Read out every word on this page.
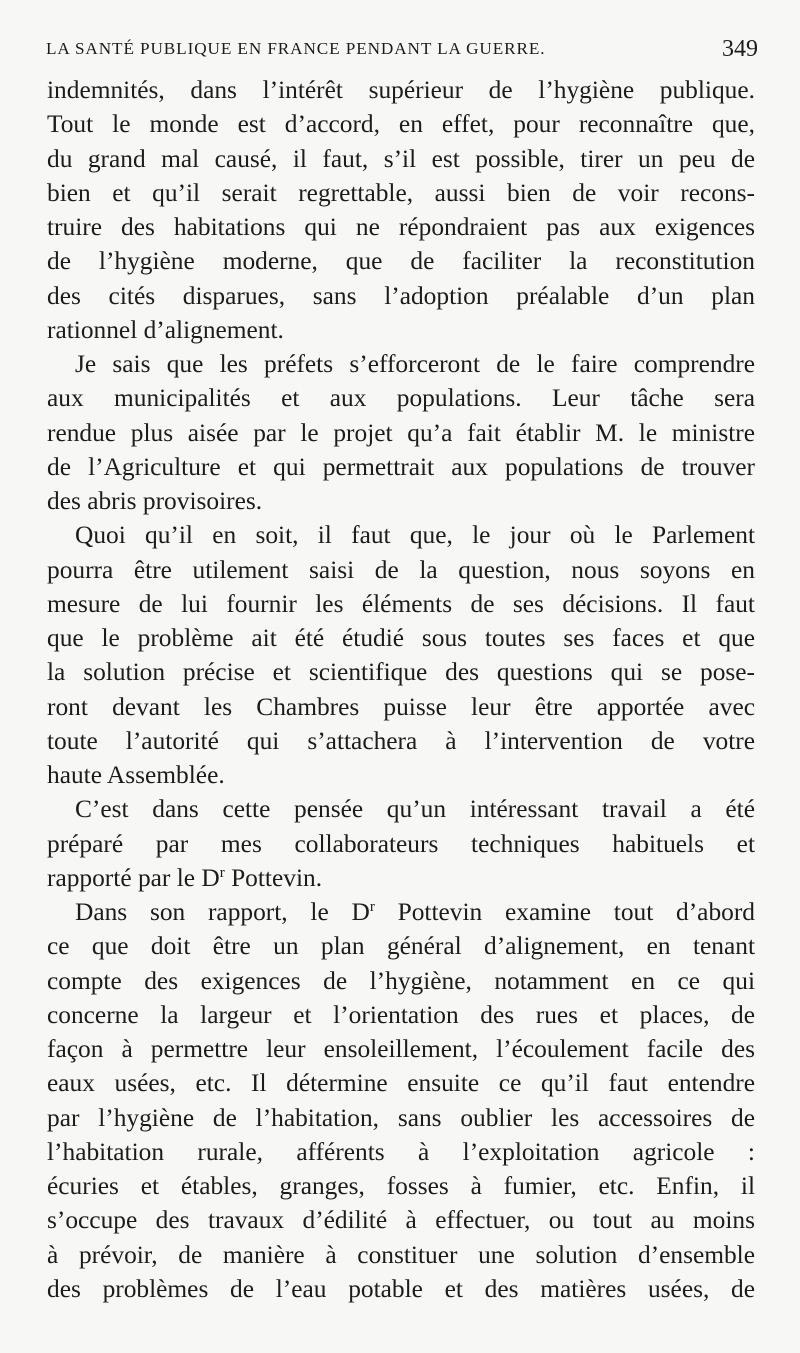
LA SANTÉ PUBLIQUE EN FRANCE PENDANT LA GUERRE.	349
indemnités, dans l’intérêt supérieur de l’hygiène publique.
Tout le monde est d’accord, en effet, pour reconnaître que,
du grand mal causé, il faut, s’il est possible, tirer un peu de
bien et qu’il serait regrettable, aussi bien de voir recons-
truire des habitations qui ne répondraient pas aux exigences
de l’hygiène moderne, que de faciliter la reconstitution
des cités disparues, sans l’adoption préalable d’un plan
rationnel d’alignement.
Je sais que les préfets s’efforceront de le faire comprendre
aux municipalités et aux populations. Leur tâche sera
rendue plus aisée par le projet qu’a fait établir M. le ministre
de l’Agriculture et qui permettrait aux populations de trouver
des abris provisoires.
Quoi qu’il en soit, il faut que, le jour où le Parlement
pourra être utilement saisi de la question, nous soyons en
mesure de lui fournir les éléments de ses décisions. Il faut
que le problème ait été étudié sous toutes ses faces et que
la solution précise et scientifique des questions qui se pose-
ront devant les Chambres puisse leur être apportée avec
toute l’autorité qui s’attachera à l’intervention de votre
haute Assemblée.
C’est dans cette pensée qu’un intéressant travail a été
préparé par mes collaborateurs techniques habituels et
rapporté par le $D^r$ Pottevin.
Dans son rapport, le $D^r$ Pottevin examine tout d’abord
ce que doit être un plan général d’alignement, en tenant
compte des exigences de l’hygiène, notamment en ce qui
concerne la largeur et l’orientation des rues et places, de
façon à permettre leur ensoleillement, l’écoulement facile des
eaux usées, etc. Il détermine ensuite ce qu’il faut entendre
par l’hygiène de l’habitation, sans oublier les accessoires de
l’habitation rurale, afférents à l’exploitation agricole :
écuries et étables, granges, fosses à fumier, etc. Enfin, il
s’occupe des travaux d’édilité à effectuer, ou tout au moins
à prévoir, de manière à constituer une solution d’ensemble
des problèmes de l’eau potable et des matières usées, de
